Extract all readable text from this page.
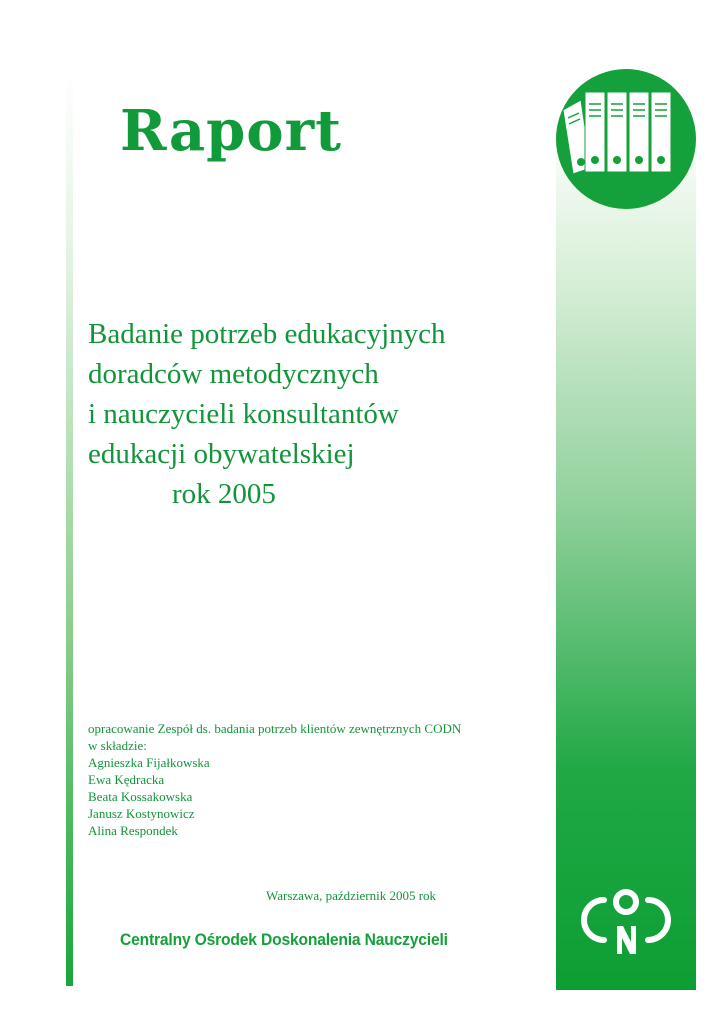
Raport
Badanie potrzeb edukacyjnych
doradców metodycznych
i nauczycieli konsultantów
edukacji obywatelskiej
rok 2005
opracowanie Zespół ds. badania potrzeb klientów zewnętrznych CODN
w składzie:
Agnieszka Fijałkowska
Ewa Kędracka
Beata Kossakowska
Janusz Kostynowicz
Alina Respondek
Warszawa, październik 2005 rok
Centralny Ośrodek Doskonalenia Nauczycieli
